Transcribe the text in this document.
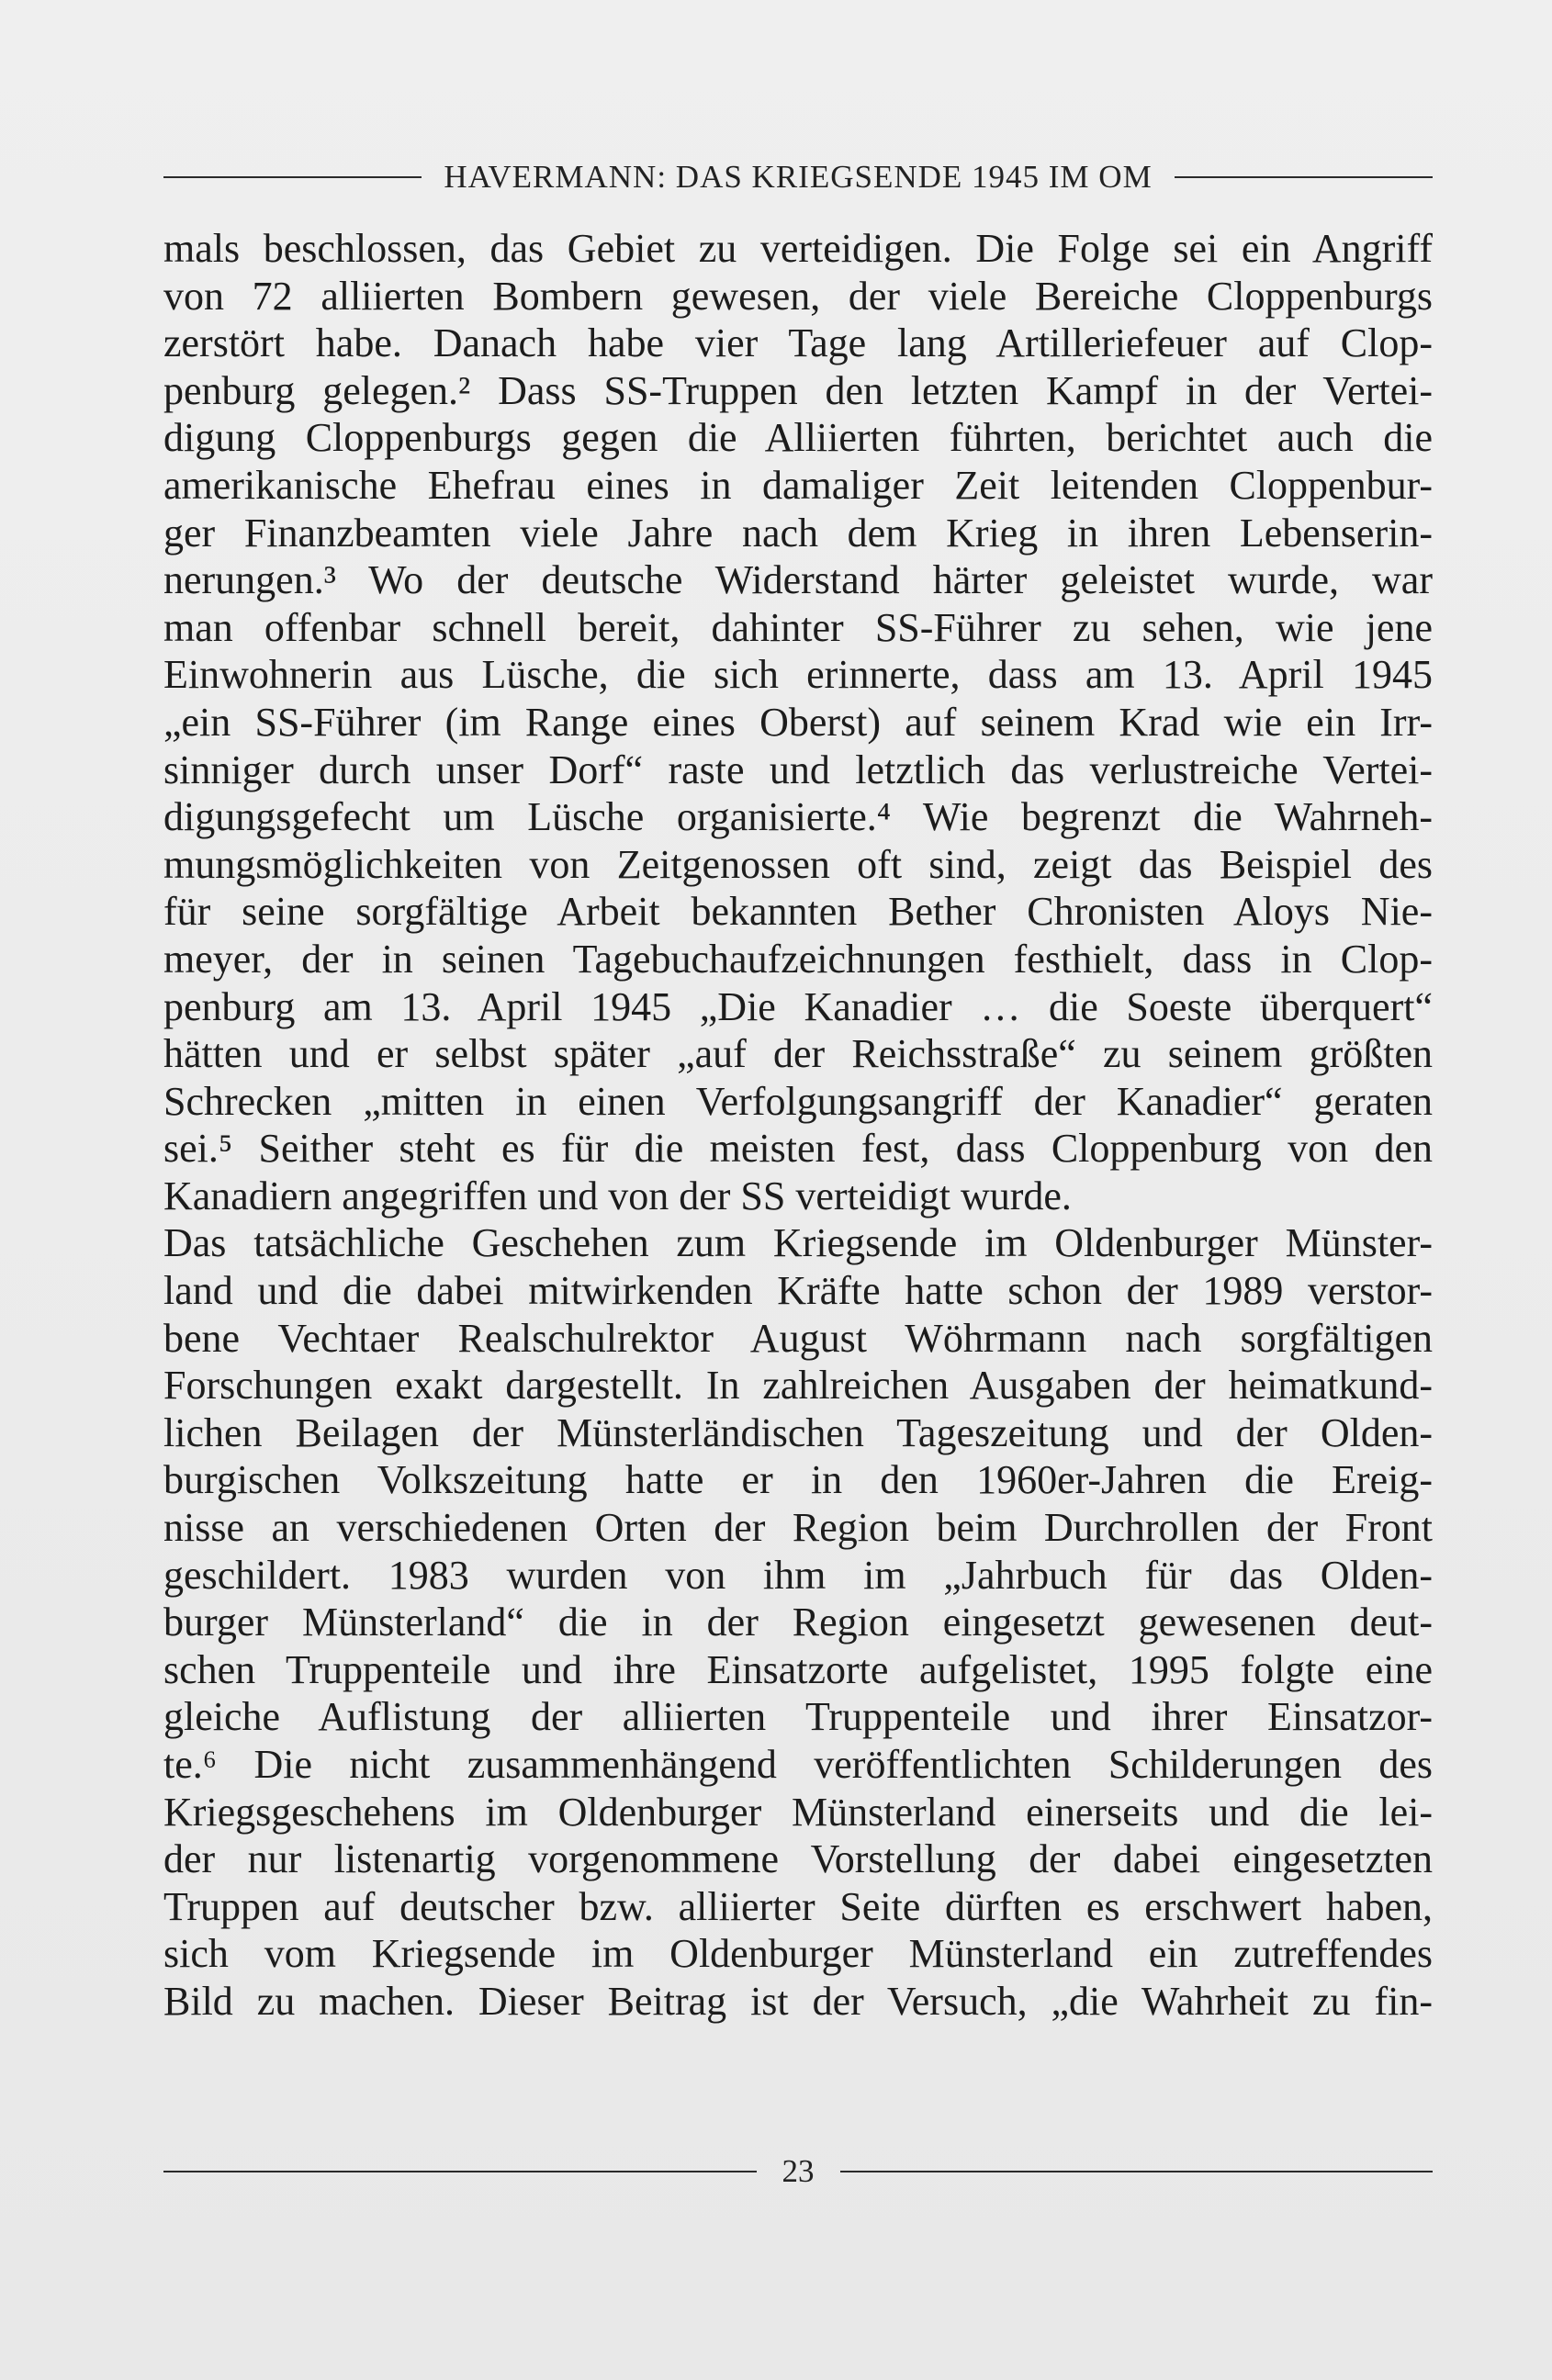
HAVERMANN: DAS KRIEGSENDE 1945 IM OM
mals beschlossen, das Gebiet zu verteidigen. Die Folge sei ein Angriff
von 72 alliierten Bombern gewesen, der viele Bereiche Cloppenburgs
zerstört habe. Danach habe vier Tage lang Artilleriefeuer auf Clop-
penburg gelegen.² Dass SS-Truppen den letzten Kampf in der Vertei-
digung Cloppenburgs gegen die Alliierten führten, berichtet auch die
amerikanische Ehefrau eines in damaliger Zeit leitenden Cloppenbur-
ger Finanzbeamten viele Jahre nach dem Krieg in ihren Lebenserin-
nerungen.³ Wo der deutsche Widerstand härter geleistet wurde, war
man offenbar schnell bereit, dahinter SS-Führer zu sehen, wie jene
Einwohnerin aus Lüsche, die sich erinnerte, dass am 13. April 1945
„ein SS-Führer (im Range eines Oberst) auf seinem Krad wie ein Irr-
sinniger durch unser Dorf“ raste und letztlich das verlustreiche Vertei-
digungsgefecht um Lüsche organisierte.⁴ Wie begrenzt die Wahrneh-
mungsmöglichkeiten von Zeitgenossen oft sind, zeigt das Beispiel des
für seine sorgfältige Arbeit bekannten Bether Chronisten Aloys Nie-
meyer, der in seinen Tagebuchaufzeichnungen festhielt, dass in Clop-
penburg am 13. April 1945 „Die Kanadier … die Soeste überquert“
hätten und er selbst später „auf der Reichsstraße“ zu seinem größten
Schrecken „mitten in einen Verfolgungsangriff der Kanadier“ geraten
sei.⁵ Seither steht es für die meisten fest, dass Cloppenburg von den
Kanadiern angegriffen und von der SS verteidigt wurde.
Das tatsächliche Geschehen zum Kriegsende im Oldenburger Münster-
land und die dabei mitwirkenden Kräfte hatte schon der 1989 verstor-
bene Vechtaer Realschulrektor August Wöhrmann nach sorgfältigen
Forschungen exakt dargestellt. In zahlreichen Ausgaben der heimatkund-
lichen Beilagen der Münsterländischen Tageszeitung und der Olden-
burgischen Volkszeitung hatte er in den 1960er-Jahren die Ereig-
nisse an verschiedenen Orten der Region beim Durchrollen der Front
geschildert. 1983 wurden von ihm im „Jahrbuch für das Olden-
burger Münsterland“ die in der Region eingesetzt gewesenen deut-
schen Truppenteile und ihre Einsatzorte aufgelistet, 1995 folgte eine
gleiche Auflistung der alliierten Truppenteile und ihrer Einsatzor-
te.⁶ Die nicht zusammenhängend veröffentlichten Schilderungen des
Kriegsgeschehens im Oldenburger Münsterland einerseits und die lei-
der nur listenartig vorgenommene Vorstellung der dabei eingesetzten
Truppen auf deutscher bzw. alliierter Seite dürften es erschwert haben,
sich vom Kriegsende im Oldenburger Münsterland ein zutreffendes
Bild zu machen. Dieser Beitrag ist der Versuch, „die Wahrheit zu fin-
23
